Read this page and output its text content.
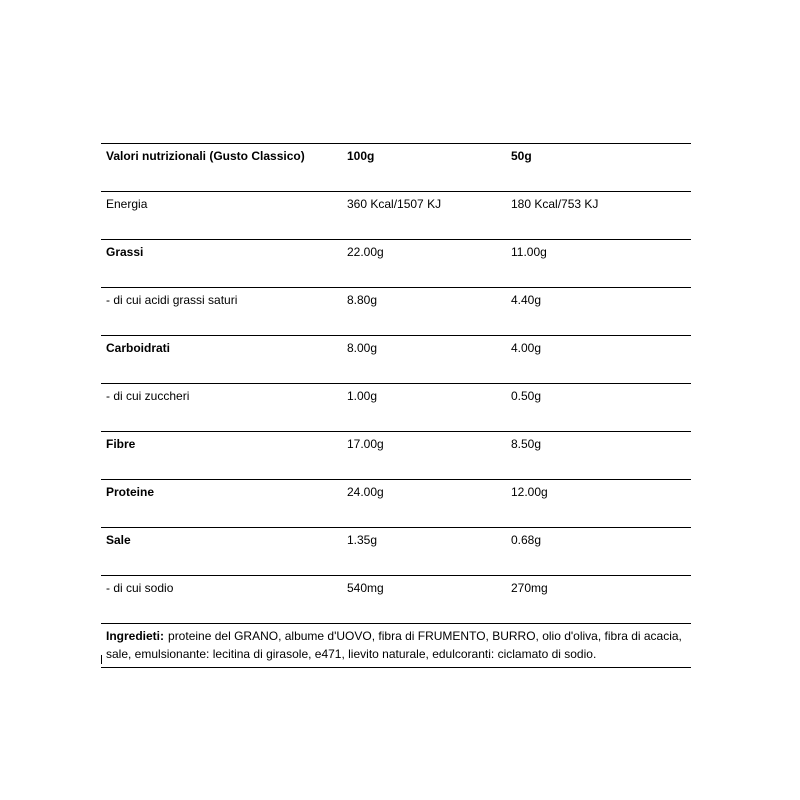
Valori nutrizionali (Gusto Classico)	100g	50g
Energia	360 Kcal/1507 KJ	180 Kcal/753 KJ
Grassi	22.00g	11.00g
- di cui acidi grassi saturi	8.80g	4.40g
Carboidrati	8.00g	4.00g
- di cui zuccheri	1.00g	0.50g
Fibre	17.00g	8.50g
Proteine	24.00g	12.00g
Sale	1.35g	0.68g
- di cui sodio	540mg	270mg
Ingredieti: proteine del GRANO, albume d'UOVO, fibra di FRUMENTO, BURRO, olio d'oliva, fibra di acacia, sale, emulsionante: lecitina di girasole, e471, lievito naturale, edulcoranti: ciclamato di sodio.
